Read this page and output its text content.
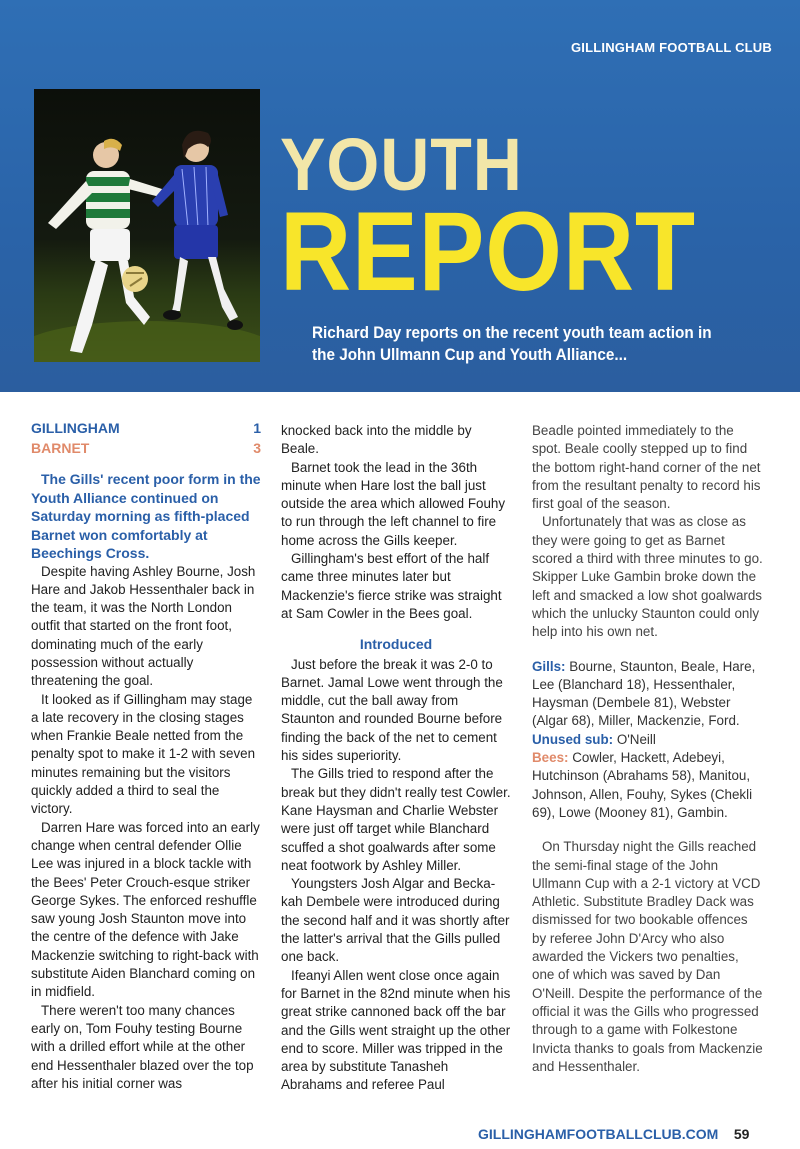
GILLINGHAM FOOTBALL CLUB
YOUTH
REPORT
Richard Day reports on the recent youth team action in the John Ullmann Cup and Youth Alliance...
GILLINGHAM	1
BARNET	3

The Gills' recent poor form in the Youth Alliance continued on Saturday morning as fifth-placed Barnet won comfortably at Beechings Cross.

Despite having Ashley Bourne, Josh Hare and Jakob Hessenthaler back in the team, it was the North London outfit that started on the front foot, dominating much of the early possession without actually threatening the goal.

It looked as if Gillingham may stage a late recovery in the closing stages when Frankie Beale netted from the penalty spot to make it 1-2 with seven minutes remaining but the visitors quickly added a third to seal the victory.

Darren Hare was forced into an early change when central defender Ollie Lee was injured in a block tackle with the Bees' Peter Crouch-esque striker George Sykes. The enforced reshuffle saw young Josh Staunton move into the centre of the defence with Jake Mackenzie switching to right-back with substitute Aiden Blanchard coming on in midfield.

There weren't too many chances early on, Tom Fouhy testing Bourne with a drilled effort while at the other end Hessenthaler blazed over the top after his initial corner was

knocked back into the middle by Beale.

Barnet took the lead in the 36th minute when Hare lost the ball just outside the area which allowed Fouhy to run through the left channel to fire home across the Gills keeper.

Gillingham's best effort of the half came three minutes later but Mackenzie's fierce strike was straight at Sam Cowler in the Bees goal.

Introduced

Just before the break it was 2-0 to Barnet. Jamal Lowe went through the middle, cut the ball away from Staunton and rounded Bourne before finding the back of the net to cement his sides superiority.

The Gills tried to respond after the break but they didn't really test Cowler. Kane Haysman and Charlie Webster were just off target while Blanchard scuffed a shot goalwards after some neat footwork by Ashley Miller.

Youngsters Josh Algar and Becka-kah Dembele were introduced during the second half and it was shortly after the latter's arrival that the Gills pulled one back.

Ifeanyi Allen went close once again for Barnet in the 82nd minute when his great strike cannoned back off the bar and the Gills went straight up the other end to score. Miller was tripped in the area by substitute Tanasheh Abrahams and referee Paul

Beadle pointed immediately to the spot. Beale coolly stepped up to find the bottom right-hand corner of the net from the resultant penalty to record his first goal of the season.

Unfortunately that was as close as they were going to get as Barnet scored a third with three minutes to go. Skipper Luke Gambin broke down the left and smacked a low shot goalwards which the unlucky Staunton could only help into his own net.

Gills: Bourne, Staunton, Beale, Hare, Lee (Blanchard 18), Hessenthaler, Haysman (Dembele 81), Webster (Algar 68), Miller, Mackenzie, Ford.

Unused sub: O'Neill

Bees: Cowler, Hackett, Adebeyi, Hutchinson (Abrahams 58), Manitou, Johnson, Allen, Fouhy, Sykes (Chekli 69), Lowe (Mooney 81), Gambin.

On Thursday night the Gills reached the semi-final stage of the John Ullmann Cup with a 2-1 victory at VCD Athletic. Substitute Bradley Dack was dismissed for two bookable offences by referee John D'Arcy who also awarded the Vickers two penalties, one of which was saved by Dan O'Neill. Despite the performance of the official it was the Gills who progressed through to a game with Folkestone Invicta thanks to goals from Mackenzie and Hessenthaler.

GILLINGHAMFOOTBALLCLUB.COM 59
